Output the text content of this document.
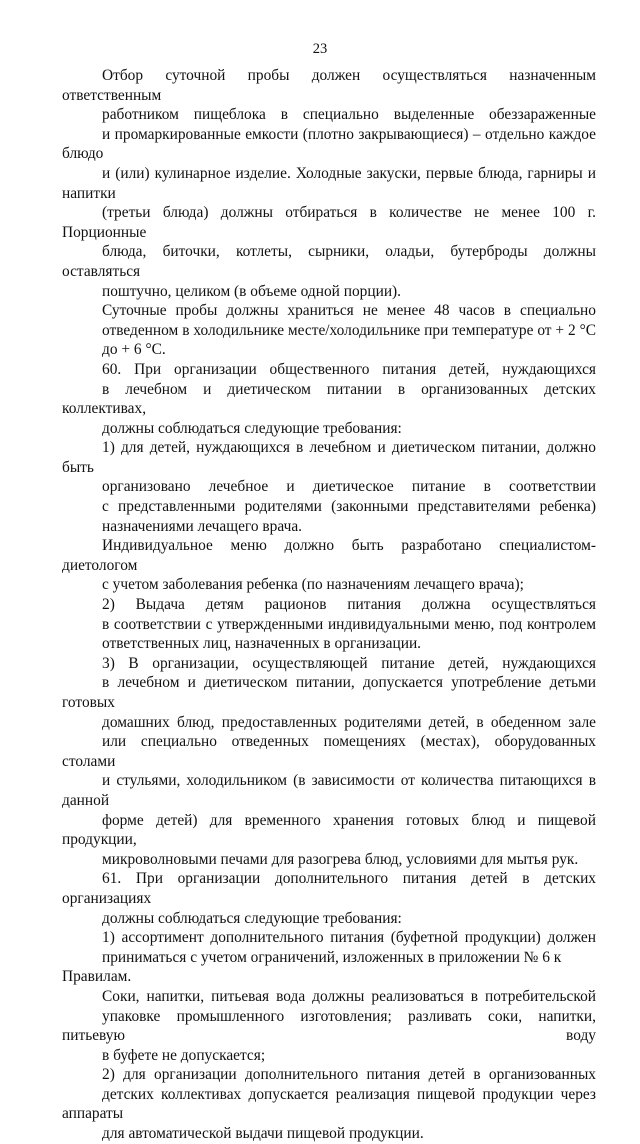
23

Отбор суточной пробы должен осуществляться назначенным ответственным
работником пищеблока в специально выделенные обеззараженные
и промаркированные емкости (плотно закрывающиеся) – отдельно каждое блюдо
и (или) кулинарное изделие. Холодные закуски, первые блюда, гарниры и напитки
(третьи блюда) должны отбираться в количестве не менее 100 г. Порционные
блюда, биточки, котлеты, сырники, оладьи, бутерброды должны оставляться
поштучно, целиком (в объеме одной порции).

Суточные пробы должны храниться не менее 48 часов в специально
отведенном в холодильнике месте/холодильнике при температуре от + 2 °С
до + 6 °С.

60. При организации общественного питания детей, нуждающихся
в лечебном и диетическом питании в организованных детских коллективах,
должны соблюдаться следующие требования:

1) для детей, нуждающихся в лечебном и диетическом питании, должно быть
организовано лечебное и диетическое питание в соответствии
с представленными родителями (законными представителями ребенка)
назначениями лечащего врача.

Индивидуальное меню должно быть разработано специалистом-диетологом
с учетом заболевания ребенка (по назначениям лечащего врача);

2) Выдача детям рационов питания должна осуществляться
в соответствии с утвержденными индивидуальными меню, под контролем
ответственных лиц, назначенных в организации.

3) В организации, осуществляющей питание детей, нуждающихся
в лечебном и диетическом питании, допускается употребление детьми готовых
домашних блюд, предоставленных родителями детей, в обеденном зале
или специально отведенных помещениях (местах), оборудованных столами
и стульями, холодильником (в зависимости от количества питающихся в данной
форме детей) для временного хранения готовых блюд и пищевой продукции,
микроволновыми печами для разогрева блюд, условиями для мытья рук.

61. При организации дополнительного питания детей в детских организациях
должны соблюдаться следующие требования:

1) ассортимент дополнительного питания (буфетной продукции) должен
приниматься с учетом ограничений, изложенных в приложении № 6 к Правилам.

Соки, напитки, питьевая вода должны реализоваться в потребительской
упаковке промышленного изготовления; разливать соки, напитки, питьевую воду
в буфете не допускается;

2) для организации дополнительного питания детей в организованных
детских коллективах допускается реализация пищевой продукции через аппараты
для автоматической выдачи пищевой продукции.
